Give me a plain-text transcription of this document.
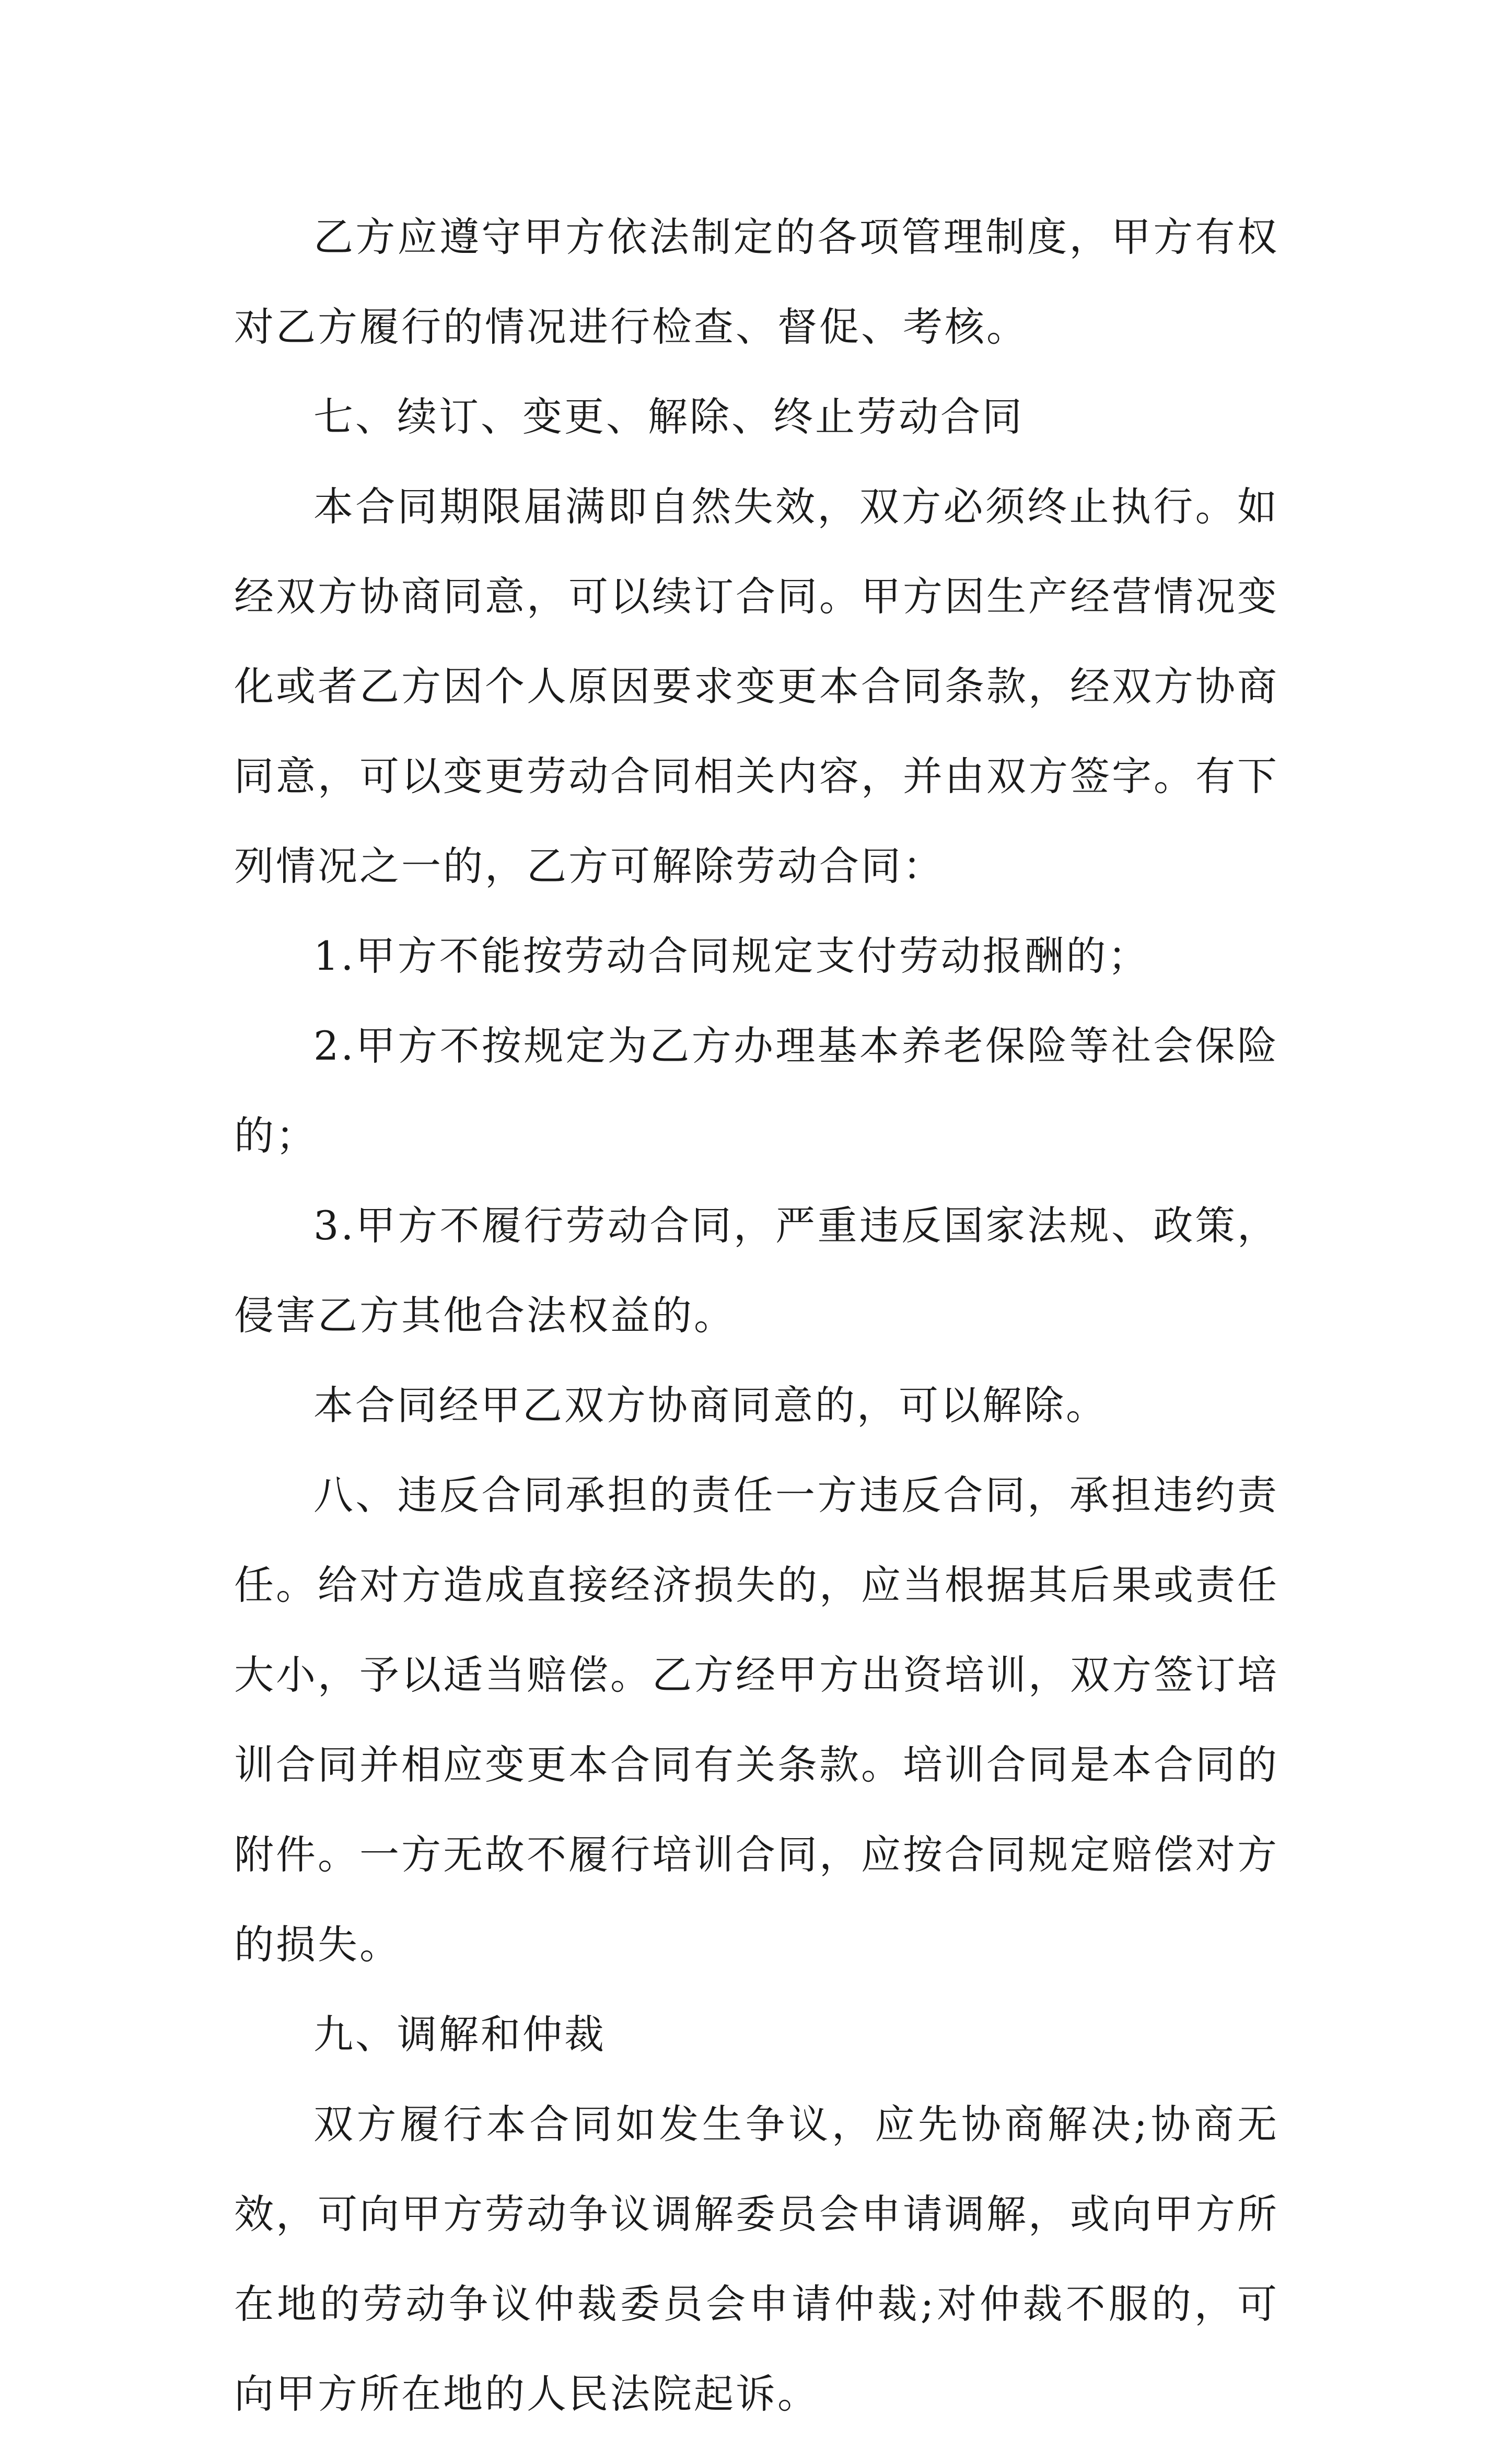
乙方应遵守甲方依法制定的各项管理制度，甲方有权对乙方履行的情况进行检查、督促、考核。

七、续订、变更、解除、终止劳动合同

本合同期限届满即自然失效，双方必须终止执行。如经双方协商同意，可以续订合同。甲方因生产经营情况变化或者乙方因个人原因要求变更本合同条款，经双方协商同意，可以变更劳动合同相关内容，并由双方签字。有下列情况之一的，乙方可解除劳动合同：

1.甲方不能按劳动合同规定支付劳动报酬的；

2.甲方不按规定为乙方办理基本养老保险等社会保险的；

3.甲方不履行劳动合同，严重违反国家法规、政策，侵害乙方其他合法权益的。

本合同经甲乙双方协商同意的，可以解除。

八、违反合同承担的责任一方违反合同，承担违约责任。给对方造成直接经济损失的，应当根据其后果或责任大小，予以适当赔偿。乙方经甲方出资培训，双方签订培训合同并相应变更本合同有关条款。培训合同是本合同的附件。一方无故不履行培训合同，应按合同规定赔偿对方的损失。

九、调解和仲裁

双方履行本合同如发生争议，应先协商解决;协商无效，可向甲方劳动争议调解委员会申请调解，或向甲方所在地的劳动争议仲裁委员会申请仲裁;对仲裁不服的，可向甲方所在地的人民法院起诉。
